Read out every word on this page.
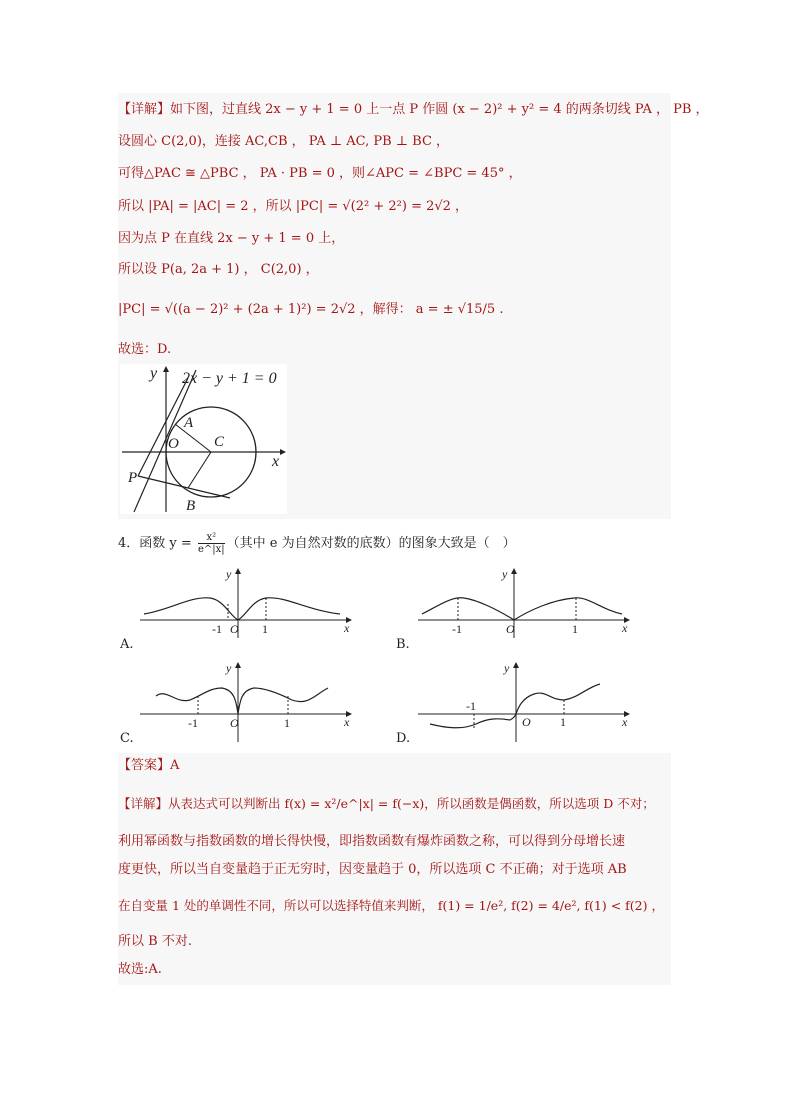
【详解】如下图，过直线 2x − y + 1 = 0 上一点 P 作圆 (x − 2)² + y² = 4 的两条切线 PA ， PB ，
设圆心 C(2,0)，连接 AC,CB ， PA ⊥ AC, PB ⊥ BC ，
可得△PAC ≅ △PBC ， PA · PB = 0 ，则∠APC = ∠BPC = 45° ，
所以 |PA| = |AC| = 2 ，所以 |PC| = √(2² + 2²) = 2√2 ，
因为点 P 在直线 2x − y + 1 = 0 上，
所以设 P(a, 2a + 1) ， C(2,0) ，
|PC| = √((a − 2)² + (2a + 1)²) = 2√2 ，解得： a = ± √15/5 .
故选：D.
y 2x − y + 1 = 0
A
O C
x
P
B
4．函数 $y = \frac{\text{x²}}{e\^{}|x|}$ （其中 e 为自然对数的底数）的图象大致是（　）
A.
y
x
-1 O 1
B.
y
x
-1	O	1
C.
y
x
-1	O	1
D.
y
x
-1
O 1
【答案】A
【详解】从表达式可以判断出 f(x) = x²/e^|x| = f(−x)，所以函数是偶函数，所以选项 D 不对；
利用幂函数与指数函数的增长得快慢，即指数函数有爆炸函数之称，可以得到分母增长速
度更快，所以当自变量趋于正无穷时，因变量趋于 0，所以选项 C 不正确；对于选项 AB
在自变量 1 处的单调性不同，所以可以选择特值来判断， f(1) = 1/e², f(2) = 4/e², f(1) < f(2) ，
所以 B 不对.
故选:A.
